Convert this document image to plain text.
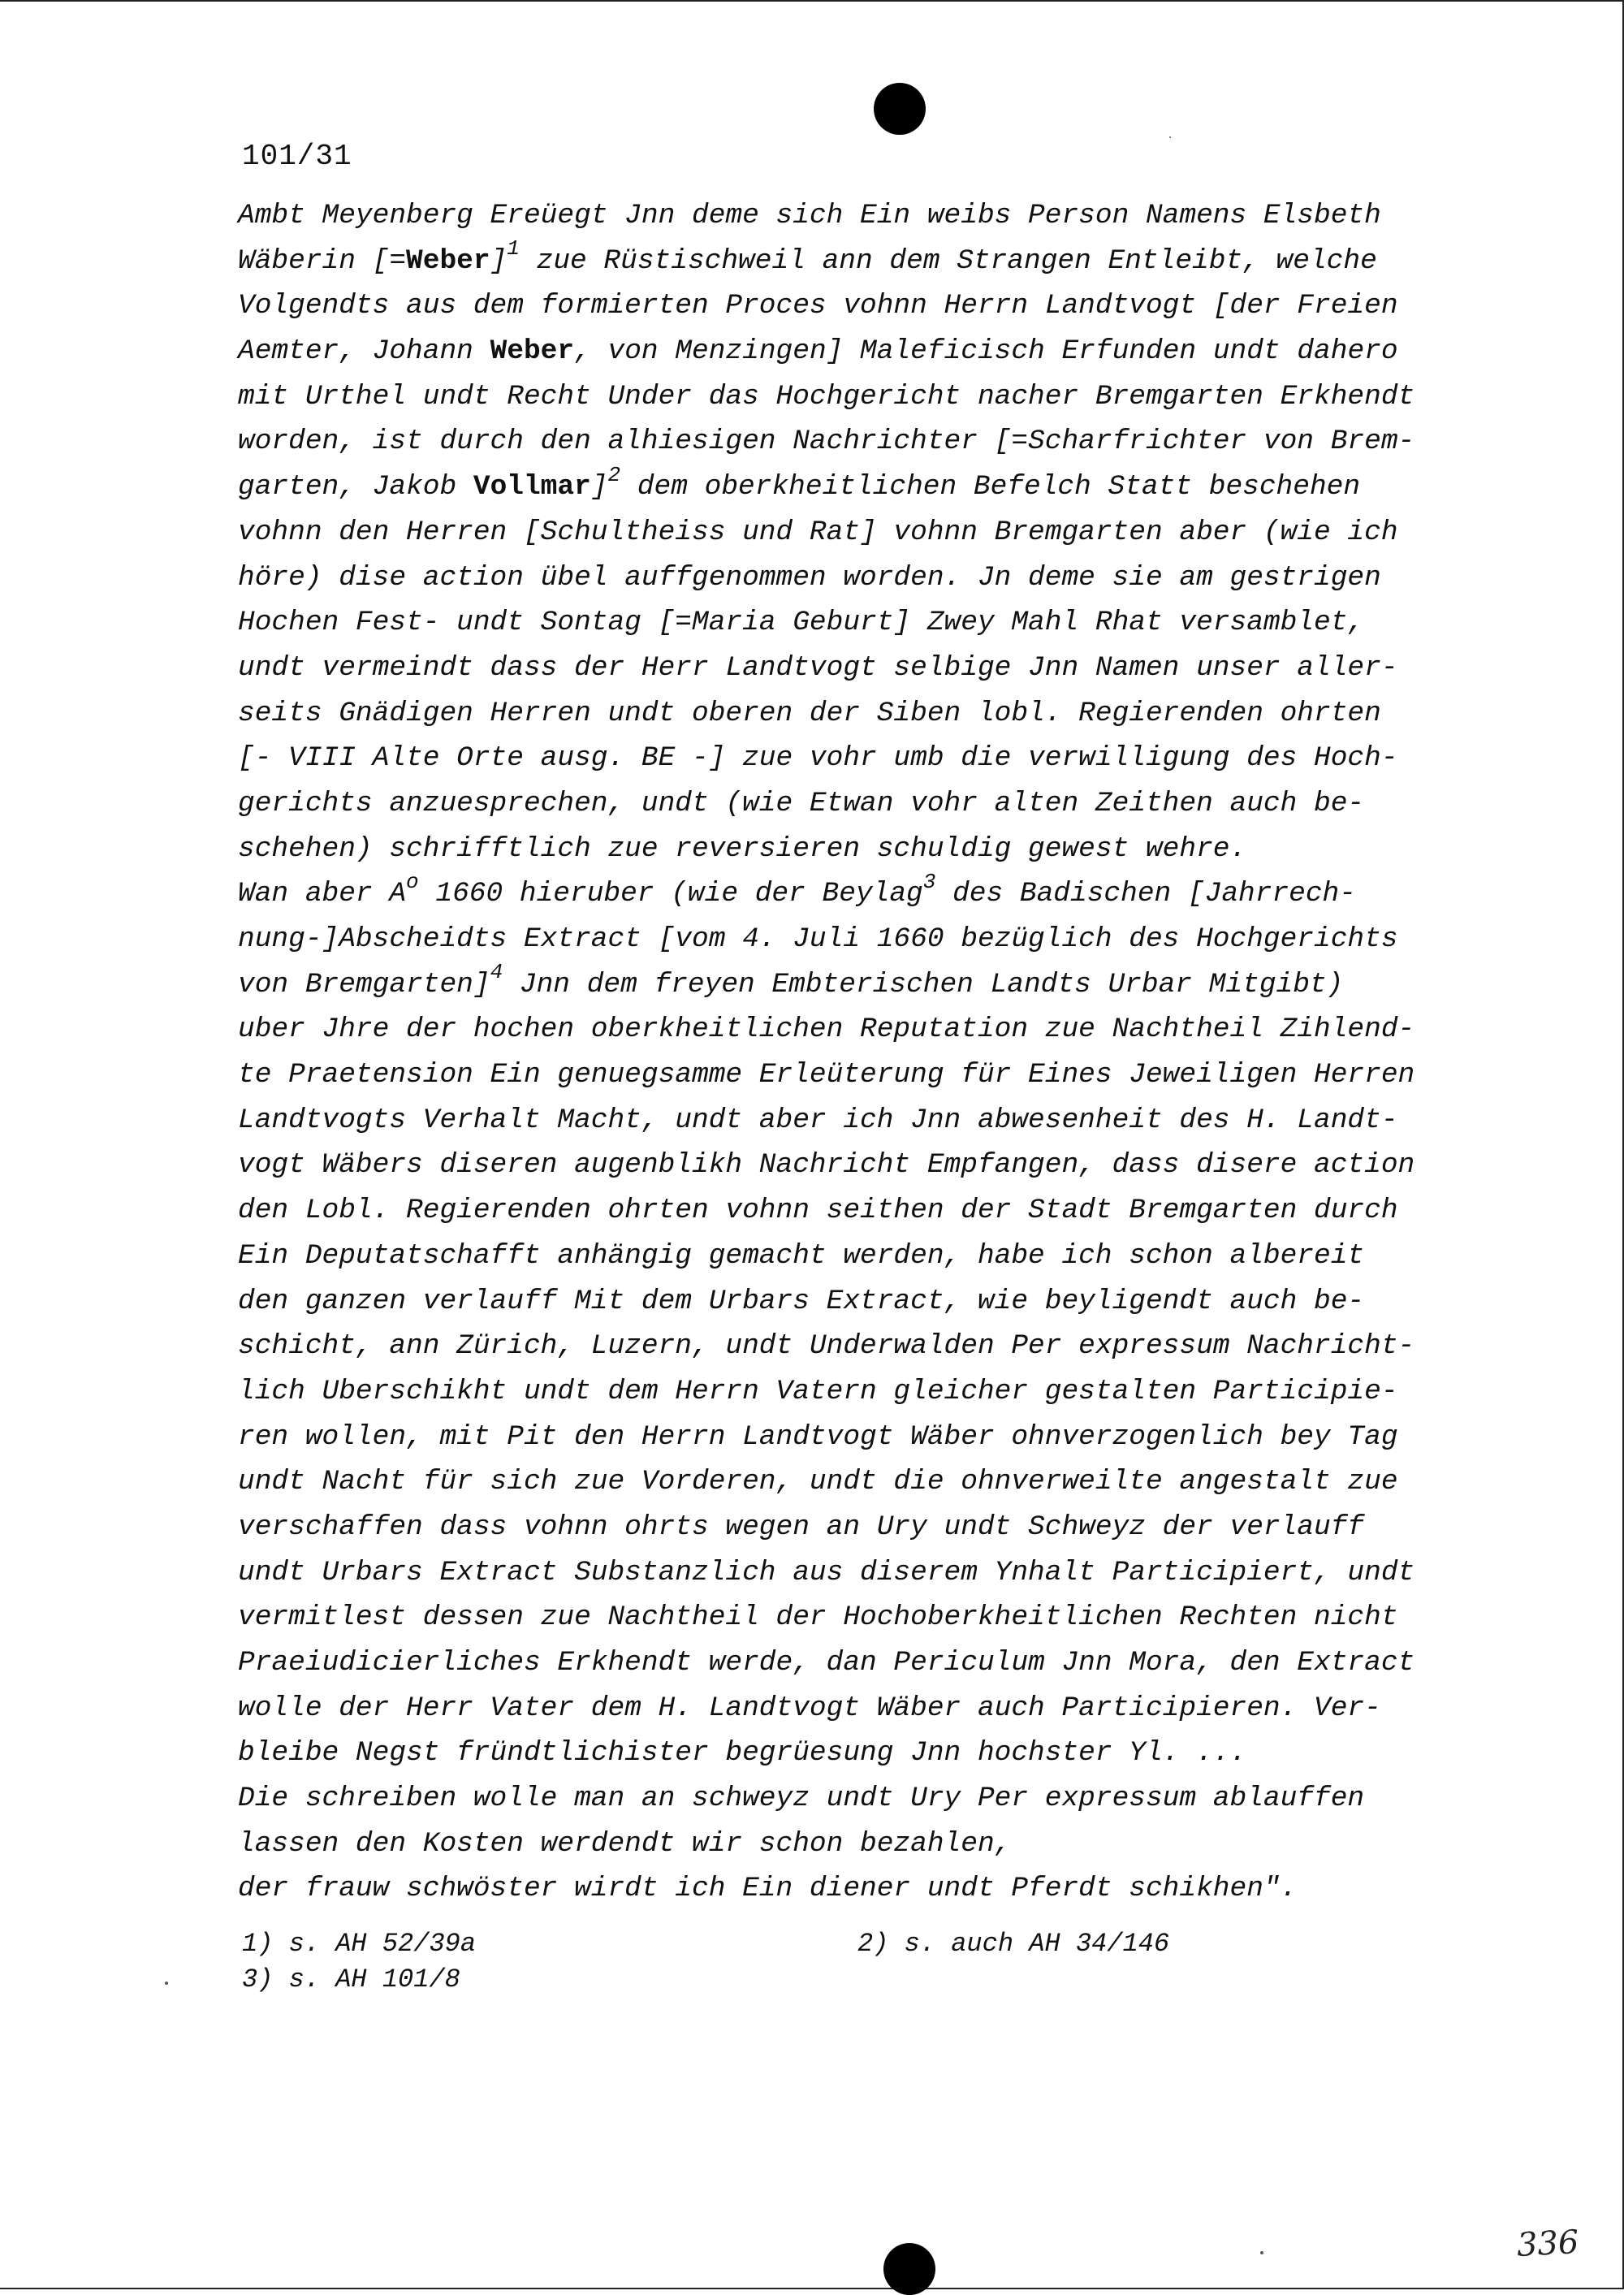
101/31
Ambt Meyenberg Ereüegt Jnn deme sich Ein weibs Person Namens Elsbeth
Wäberin [=Weber]$^1$ zue Rüstischweil ann dem Strangen Entleibt, welche
Volgendts aus dem formierten Proces vohnn Herrn Landtvogt [der Freien
Aemter, Johann Weber, von Menzingen] Maleficisch Erfunden undt dahero
mit Urthel undt Recht Under das Hochgericht nacher Bremgarten Erkhendt
worden, ist durch den alhiesigen Nachrichter [=Scharfrichter von Brem-
garten, Jakob Vollmar]$^2$ dem oberkheitlichen Befelch Statt beschehen
vohnn den Herren [Schultheiss und Rat] vohnn Bremgarten aber (wie ich
höre) dise action übel auffgenommen worden. Jn deme sie am gestrigen
Hochen Fest- undt Sontag [=Maria Geburt] Zwey Mahl Rhat versamblet,
undt vermeindt dass der Herr Landtvogt selbige Jnn Namen unser aller-
seits Gnädigen Herren undt oberen der Siben lobl. Regierenden ohrten
[- VIII Alte Orte ausg. BE -] zue vohr umb die verwilligung des Hoch-
gerichts anzuesprechen, undt (wie Etwan vohr alten Zeithen auch be-
schehen) schrifftlich zue reversieren schuldig gewest wehre.
Wan aber $A^o$ 1660 hieruber (wie der Beylag$^3$ des Badischen [Jahrrech-
nung-]Abscheidts Extract [vom 4. Juli 1660 bezüglich des Hochgerichts
von Bremgarten]$^4$ Jnn dem freyen Embterischen Landts Urbar Mitgibt)
uber Jhre der hochen oberkheitlichen Reputation zue Nachtheil Zihlend-
te Praetension Ein genuegsamme Erleüterung für Eines Jeweiligen Herren
Landtvogts Verhalt Macht, undt aber ich Jnn abwesenheit des H. Landt-
vogt Wäbers diseren augenblikh Nachricht Empfangen, dass disere action
den Lobl. Regierenden ohrten vohnn seithen der Stadt Bremgarten durch
Ein Deputatschafft anhängig gemacht werden, habe ich schon albereit
den ganzen verlauff Mit dem Urbars Extract, wie beyligendt auch be-
schicht, ann Zürich, Luzern, undt Underwalden Per expressum Nachricht-
lich Uberschikht undt dem Herrn Vatern gleicher gestalten Participie-
ren wollen, mit Pit den Herrn Landtvogt Wäber ohnverzogenlich bey Tag
undt Nacht für sich zue Vorderen, undt die ohnverweilte angestalt zue
verschaffen dass vohnn ohrts wegen an Ury undt Schweyz der verlauff
undt Urbars Extract Substanzlich aus diserem Ynhalt Participiert, undt
vermitlest dessen zue Nachtheil der Hochoberkheitlichen Rechten nicht
Praeiudicierliches Erkhendt werde, dan Periculum Jnn Mora, den Extract
wolle der Herr Vater dem H. Landtvogt Wäber auch Participieren. Ver-
bleibe Negst fründtlichister begrüesung Jnn hochster Yl. ...
Die schreiben wolle man an schweyz undt Ury Per expressum ablauffen
lassen den Kosten werdendt wir schon bezahlen,
der frauw schwöster wirdt ich Ein diener undt Pferdt schikhen".
1) s. AH 52/39a	2) s. auch AH 34/146
3) s. AH 101/8
336
